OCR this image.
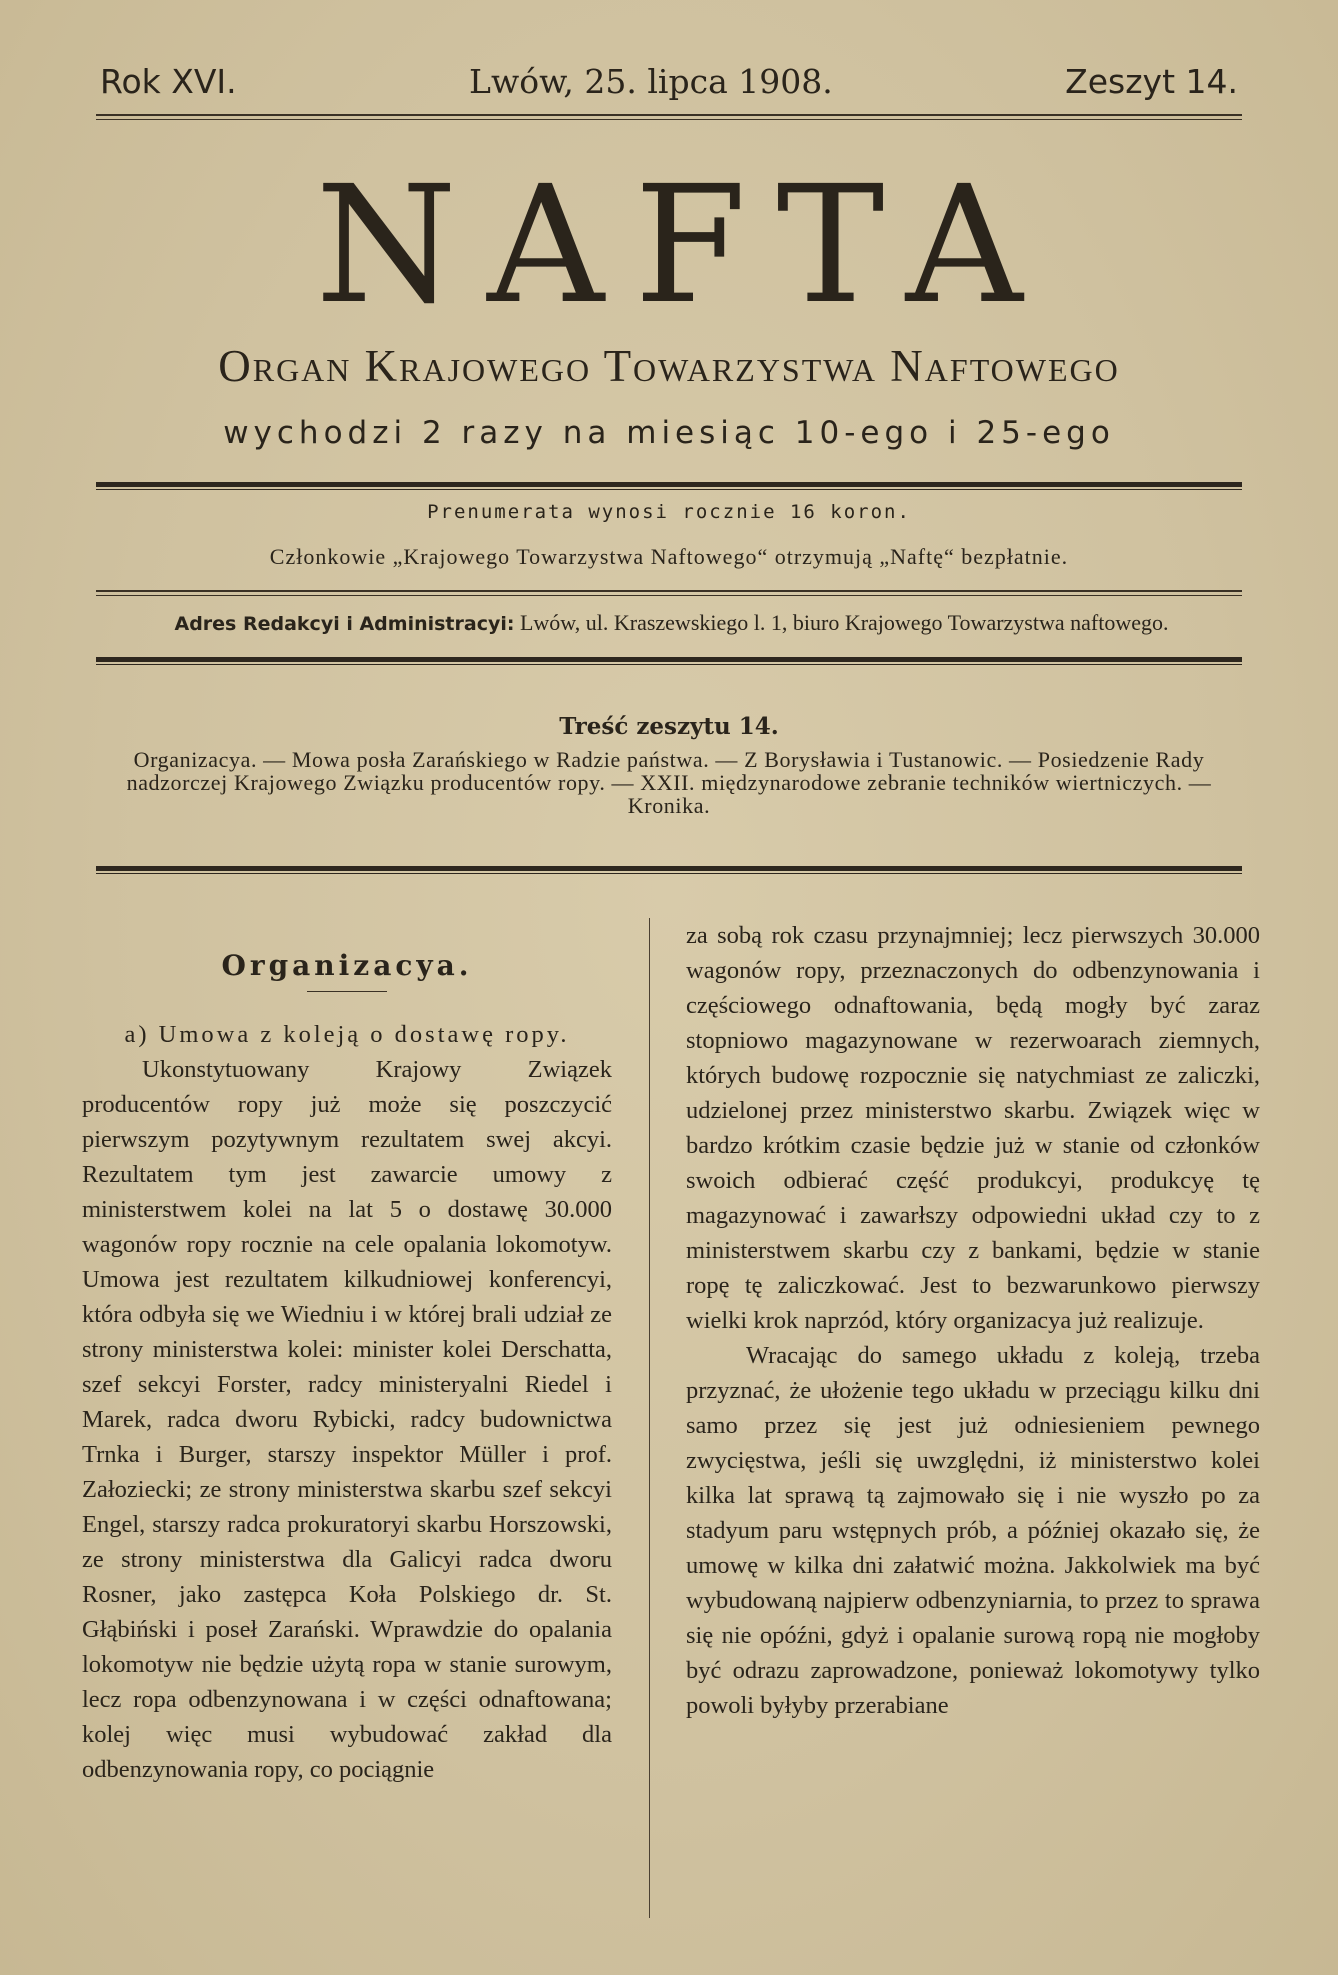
Rok XVI.	Lwów, 25. lipca 1908.	Zeszyt 14.
NAFTA
Organ Krajowego Towarzystwa Naftowego
wychodzi 2 razy na miesiąc 10-ego i 25-ego
Prenumerata wynosi rocznie 16 koron.
Członkowie „Krajowego Towarzystwa Naftowego“ otrzymują „Naftę“ bezpłatnie.
Adres Redakcyi i Administracyi: Lwów, ul. Kraszewskiego l. 1, biuro Krajowego Towarzystwa naftowego.
Treść zeszytu 14.
Organizacya. — Mowa posła Zarańskiego w Radzie państwa. — Z Borysławia i Tustanowic. — Posiedzenie Rady nadzorczej Krajowego Związku producentów ropy. — XXII. międzynarodowe zebranie techników wiertniczych. — Kronika.
Organizacya.

a) Umowa z koleją o dostawę ropy.

Ukonstytuowany Krajowy Związek producentów ropy już może się poszczycić pierwszym pozytywnym rezultatem swej akcyi. Rezultatem tym jest zawarcie umowy z ministerstwem kolei na lat 5 o dostawę 30.000 wagonów ropy rocznie na cele opalania lokomotyw. Umowa jest rezultatem kilkudniowej konferencyi, która odbyła się we Wiedniu i w której brali udział ze strony ministerstwa kolei: minister kolei Derschatta, szef sekcyi Forster, radcy ministeryalni Riedel i Marek, radca dworu Rybicki, radcy budownictwa Trnka i Burger, starszy inspektor Müller i prof. Załoziecki; ze strony ministerstwa skarbu szef sekcyi Engel, starszy radca prokuratoryi skarbu Horszowski, ze strony ministerstwa dla Galicyi radca dworu Rosner, jako zastępca Koła Polskiego dr. St. Głąbiński i poseł Zarański. Wprawdzie do opalania lokomotyw nie będzie użytą ropa w stanie surowym, lecz ropa odbenzynowana i w części odnaftowana; kolej więc musi wybudować zakład dla odbenzynowania ropy, co pociągnie

za sobą rok czasu przynajmniej; lecz pierwszych 30.000 wagonów ropy, przeznaczonych do odbenzynowania i częściowego odnaftowania, będą mogły być zaraz stopniowo magazynowane w rezerwoarach ziemnych, których budowę rozpocznie się natychmiast ze zaliczki, udzielonej przez ministerstwo skarbu. Związek więc w bardzo krótkim czasie będzie już w stanie od członków swoich odbierać część produkcyi, produkcyę tę magazynować i zawarłszy odpowiedni układ czy to z ministerstwem skarbu czy z bankami, będzie w stanie ropę tę zaliczkować. Jest to bezwarunkowo pierwszy wielki krok naprzód, który organizacya już realizuje.

Wracając do samego układu z koleją, trzeba przyznać, że ułożenie tego układu w przeciągu kilku dni samo przez się jest już odniesieniem pewnego zwycięstwa, jeśli się uwzględni, iż ministerstwo kolei kilka lat sprawą tą zajmowało się i nie wyszło po za stadyum paru wstępnych prób, a później okazało się, że umowę w kilka dni załatwić można. Jakkolwiek ma być wybudowaną najpierw odbenzyniarnia, to przez to sprawa się nie opóźni, gdyż i opalanie surową ropą nie mogłoby być odrazu zaprowadzone, ponieważ lokomotywy tylko powoli byłyby przerabiane
